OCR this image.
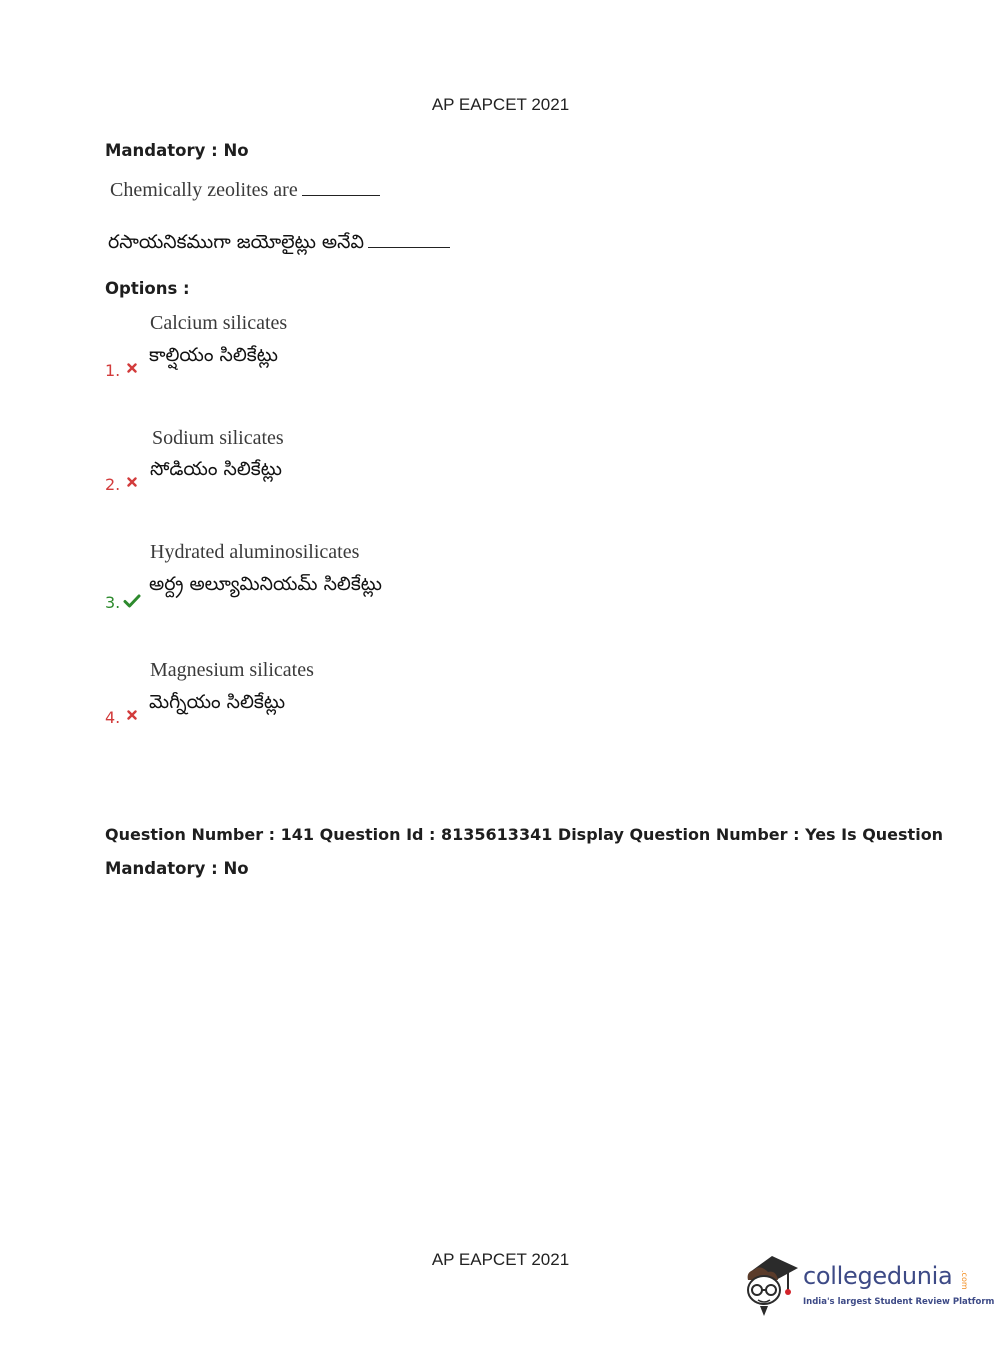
AP EAPCET 2021
Mandatory : No
Chemically zeolites are
రసాయనికముగా జయోలైట్లు అనేవి
Options :
Calcium silicates
కాల్షియం సిలికేట్లు
1.
Sodium silicates
సోడియం సిలికేట్లు
2.
Hydrated aluminosilicates
అర్ద్ర అల్యూమినియమ్ సిలికేట్లు
3.
Magnesium silicates
మెగ్నీయం సిలికేట్లు
4.
Question Number : 141 Question Id : 8135613341 Display Question Number : Yes Is Question
Mandatory : No
AP EAPCET 2021
collegedunia .com
India's largest Student Review Platform
